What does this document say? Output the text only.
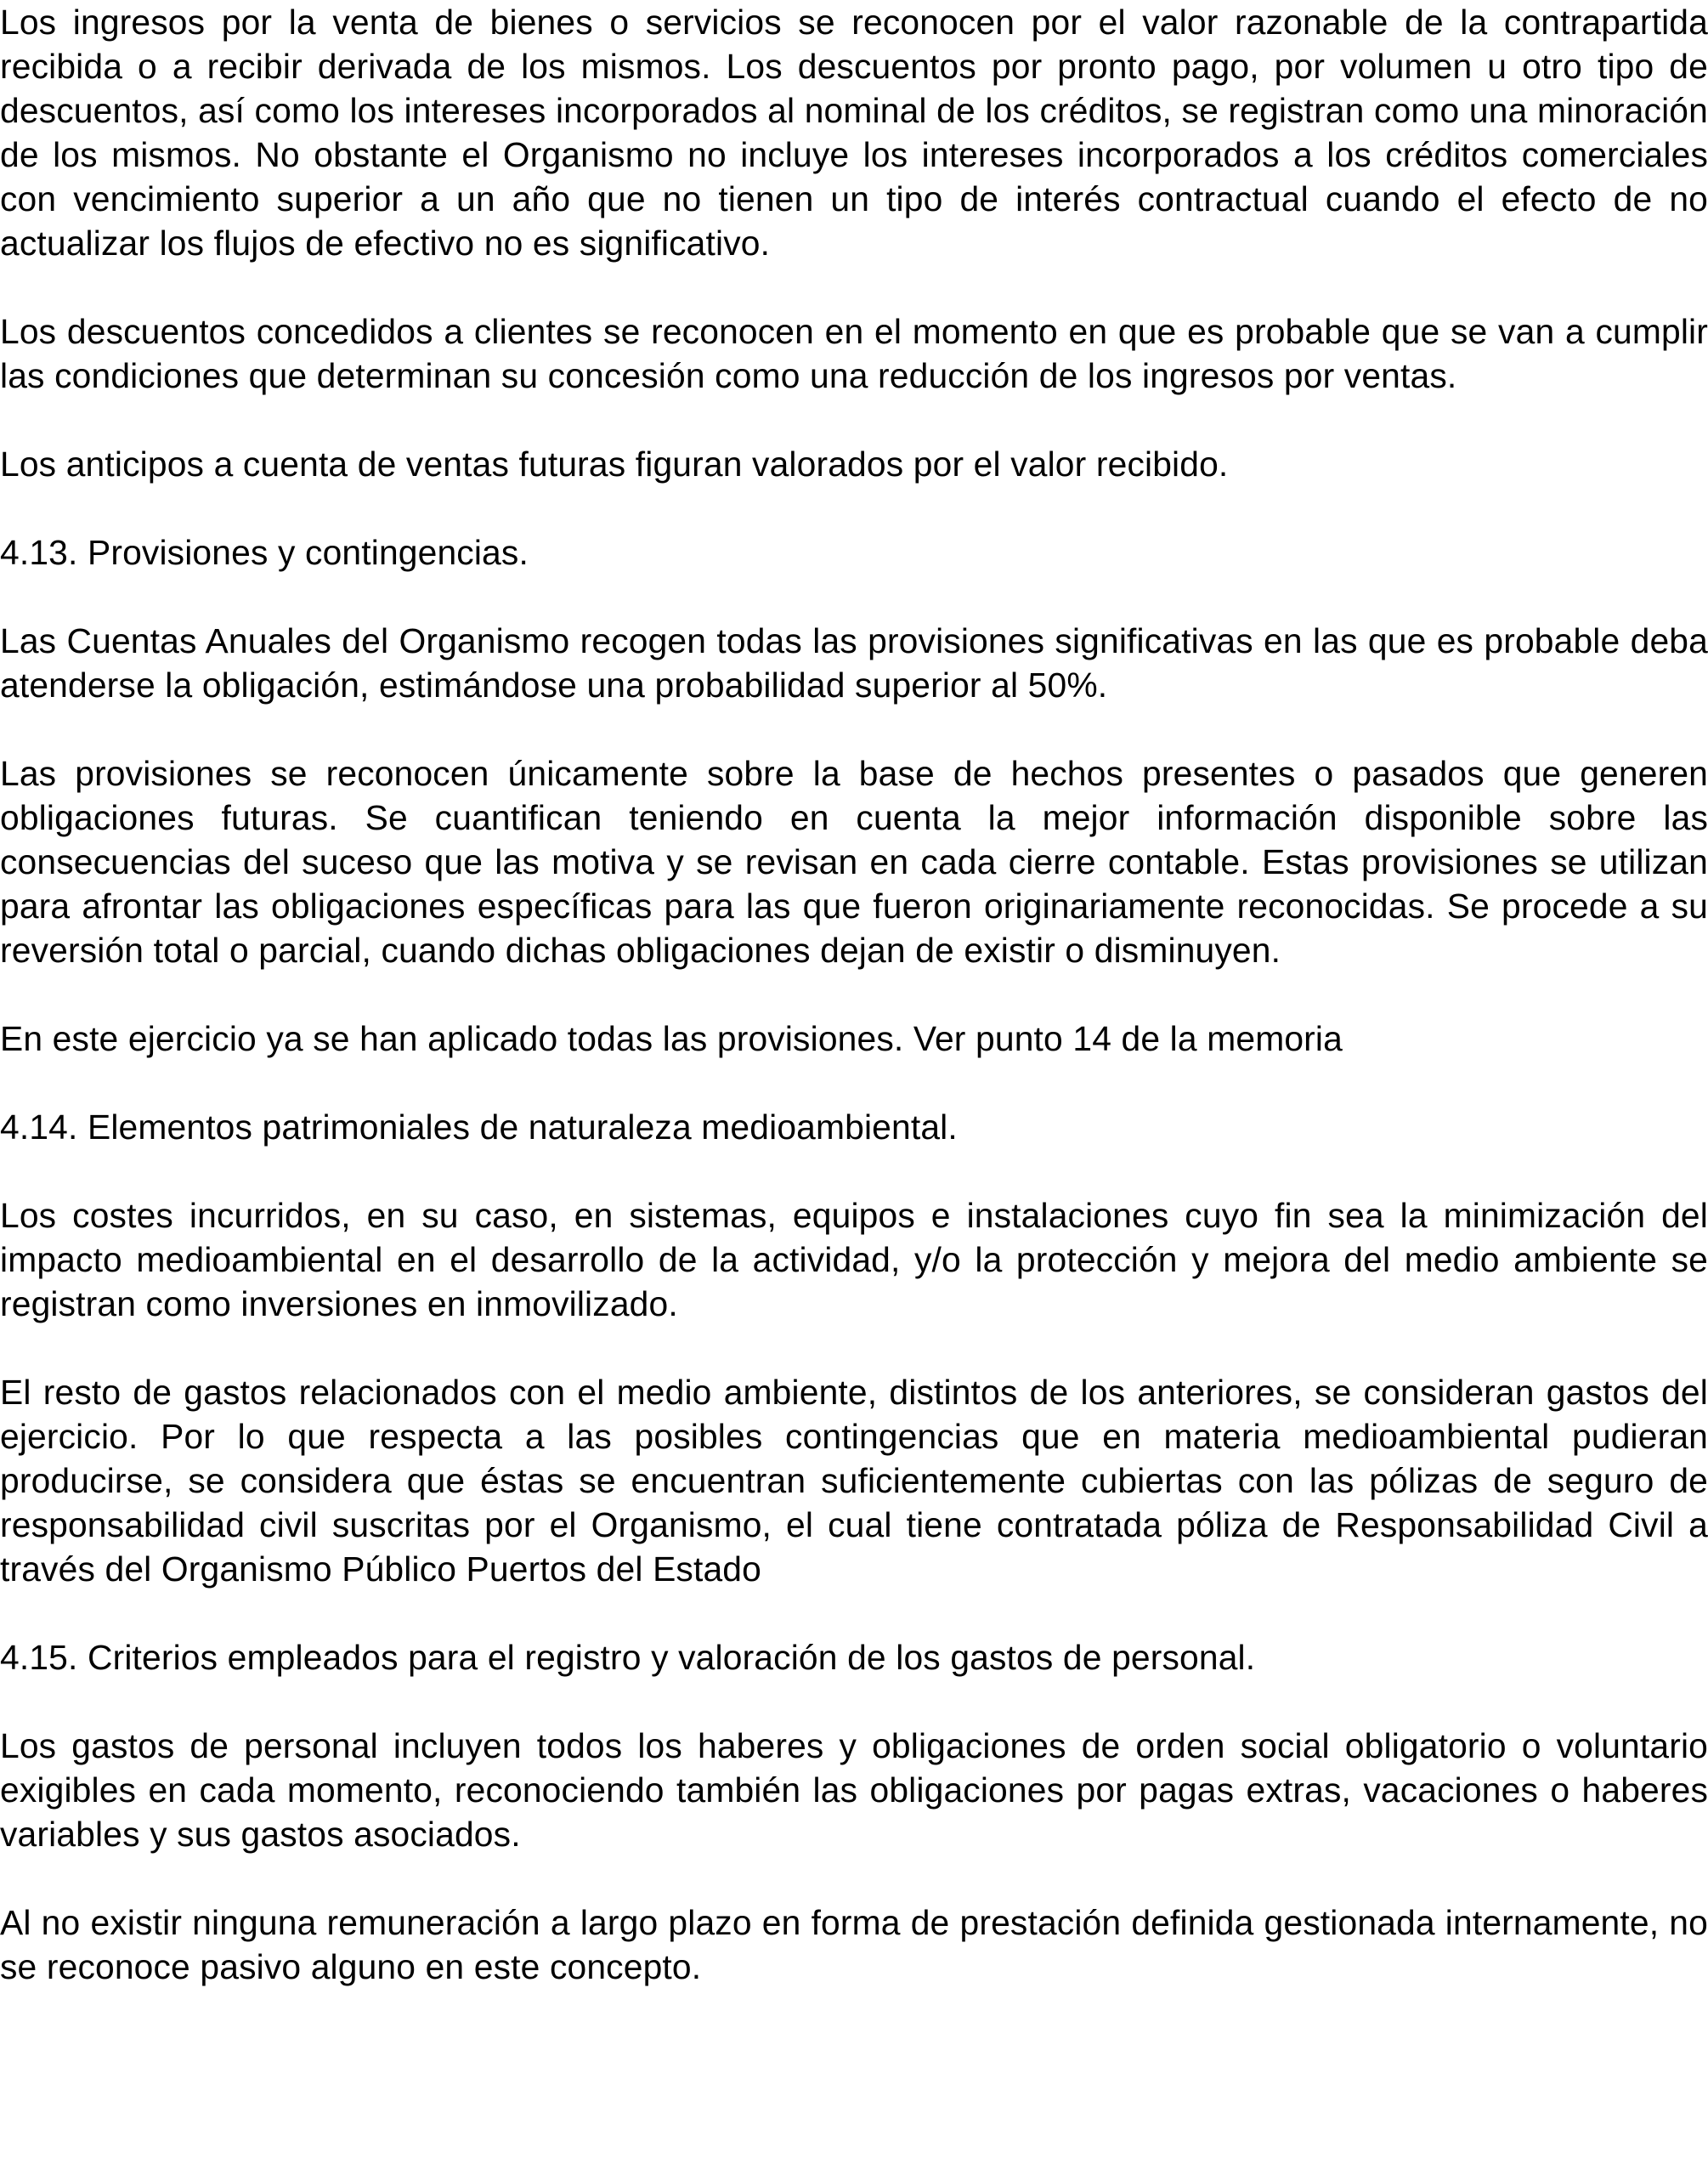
Los ingresos por la venta de bienes o servicios se reconocen por el valor razonable de la contrapartida recibida o a recibir derivada de los mismos. Los descuentos por pronto pago, por volumen u otro tipo de descuentos, así como los intereses incorporados al nominal de los créditos, se registran como una minoración de los mismos. No obstante el Organismo no incluye los intereses incorporados a los créditos comerciales con vencimiento superior a un año que no tienen un tipo de interés contractual cuando el efecto de no actualizar los flujos de efectivo no es significativo.

Los descuentos concedidos a clientes se reconocen en el momento en que es probable que se van a cumplir las condiciones que determinan su concesión como una reducción de los ingresos por ventas.

Los anticipos a cuenta de ventas futuras figuran valorados por el valor recibido.

4.13. Provisiones y contingencias.

Las Cuentas Anuales del Organismo recogen todas las provisiones significativas en las que es probable deba atenderse la obligación, estimándose una probabilidad superior al 50%.

Las provisiones se reconocen únicamente sobre la base de hechos presentes o pasados que generen obligaciones futuras. Se cuantifican teniendo en cuenta la mejor información disponible sobre las consecuencias del suceso que las motiva y se revisan en cada cierre contable. Estas provisiones se utilizan para afrontar las obligaciones específicas para las que fueron originariamente reconocidas. Se procede a su reversión total o parcial, cuando dichas obligaciones dejan de existir o disminuyen.

En este ejercicio ya se han aplicado todas las provisiones. Ver punto 14 de la memoria

4.14. Elementos patrimoniales de naturaleza medioambiental.

Los costes incurridos, en su caso, en sistemas, equipos e instalaciones cuyo fin sea la minimización del impacto medioambiental en el desarrollo de la actividad, y/o la protección y mejora del medio ambiente se registran como inversiones en inmovilizado.

El resto de gastos relacionados con el medio ambiente, distintos de los anteriores, se consideran gastos del ejercicio. Por lo que respecta a las posibles contingencias que en materia medioambiental pudieran producirse, se considera que éstas se encuentran suficientemente cubiertas con las pólizas de seguro de responsabilidad civil suscritas por el Organismo, el cual tiene contratada póliza de Responsabilidad Civil a través del Organismo Público Puertos del Estado

4.15. Criterios empleados para el registro y valoración de los gastos de personal.

Los gastos de personal incluyen todos los haberes y obligaciones de orden social obligatorio o voluntario exigibles en cada momento, reconociendo también las obligaciones por pagas extras, vacaciones o haberes variables y sus gastos asociados.

Al no existir ninguna remuneración a largo plazo en forma de prestación definida gestionada internamente, no se reconoce pasivo alguno en este concepto.
